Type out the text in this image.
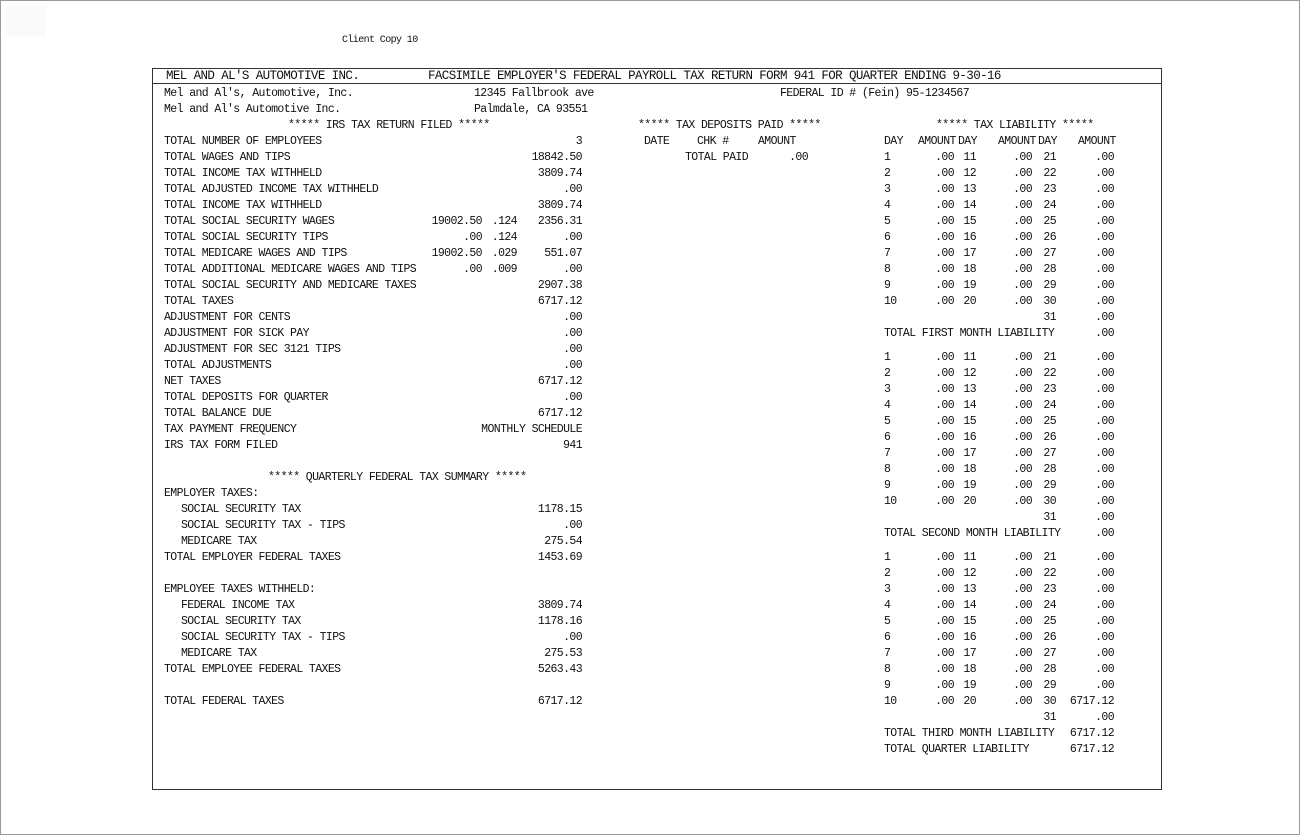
Client Copy 10
MEL AND AL'S AUTOMOTIVE INC.	FACSIMILE EMPLOYER'S FEDERAL PAYROLL TAX RETURN FORM 941 FOR QUARTER ENDING 9-30-16
Mel and Al's, Automotive, Inc.
Mel and Al's Automotive Inc.
12345 Fallbrook ave
Palmdale, CA 93551
FEDERAL ID # (Fein) 95-1234567
***** IRS TAX RETURN FILED *****
TOTAL NUMBER OF EMPLOYEES	3
TOTAL WAGES AND TIPS	18842.50
TOTAL INCOME TAX WITHHELD	3809.74
TOTAL ADJUSTED INCOME TAX WITHHELD	.00
TOTAL INCOME TAX WITHHELD	3809.74
TOTAL SOCIAL SECURITY WAGES	19002.50 .124	2356.31
TOTAL SOCIAL SECURITY TIPS	.00 .124	.00
TOTAL MEDICARE WAGES AND TIPS	19002.50 .029	551.07
TOTAL ADDITIONAL MEDICARE WAGES AND TIPS	.00 .009	.00
TOTAL SOCIAL SECURITY AND MEDICARE TAXES	2907.38
TOTAL TAXES	6717.12
ADJUSTMENT FOR CENTS	.00
ADJUSTMENT FOR SICK PAY	.00
ADJUSTMENT FOR SEC 3121 TIPS	.00
TOTAL ADJUSTMENTS	.00
NET TAXES	6717.12
TOTAL DEPOSITS FOR QUARTER	.00
TOTAL BALANCE DUE	6717.12
TAX PAYMENT FREQUENCY	MONTHLY SCHEDULE
IRS TAX FORM FILED	941
***** QUARTERLY FEDERAL TAX SUMMARY *****
EMPLOYER TAXES:
SOCIAL SECURITY TAX	1178.15
SOCIAL SECURITY TAX - TIPS	.00
MEDICARE TAX	275.54
TOTAL EMPLOYER FEDERAL TAXES	1453.69
EMPLOYEE TAXES WITHHELD:
FEDERAL INCOME TAX	3809.74
SOCIAL SECURITY TAX	1178.16
SOCIAL SECURITY TAX - TIPS	.00
MEDICARE TAX	275.53
TOTAL EMPLOYEE FEDERAL TAXES	5263.43
TOTAL FEDERAL TAXES	6717.12
***** TAX DEPOSITS PAID *****
DATE CHK #	AMOUNT
TOTAL PAID	.00
***** TAX LIABILITY *****
DAY AMOUNT DAY AMOUNT DAY AMOUNT
1	.00 11	.00 21	.00
2	.00 12	.00 22	.00
3	.00 13	.00 23	.00
4	.00 14	.00 24	.00
5	.00 15	.00 25	.00
6	.00 16	.00 26	.00
7	.00 17	.00 27	.00
8	.00 18	.00 28	.00
9	.00 19	.00 29	.00
10	.00 20	.00 30	.00
31	.00
TOTAL FIRST MONTH LIABILITY	.00
1	.00 11	.00 21	.00
2	.00 12	.00 22	.00
3	.00 13	.00 23	.00
4	.00 14	.00 24	.00
5	.00 15	.00 25	.00
6	.00 16	.00 26	.00
7	.00 17	.00 27	.00
8	.00 18	.00 28	.00
9	.00 19	.00 29	.00
10	.00 20	.00 30	.00
31	.00
TOTAL SECOND MONTH LIABILITY	.00
1	.00 11	.00 21	.00
2	.00 12	.00 22	.00
3	.00 13	.00 23	.00
4	.00 14	.00 24	.00
5	.00 15	.00 25	.00
6	.00 16	.00 26	.00
7	.00 17	.00 27	.00
8	.00 18	.00 28	.00
9	.00 19	.00 29	.00
10	.00 20	.00 30	6717.12
31	.00
TOTAL THIRD MONTH LIABILITY	6717.12
TOTAL QUARTER LIABILITY	6717.12
